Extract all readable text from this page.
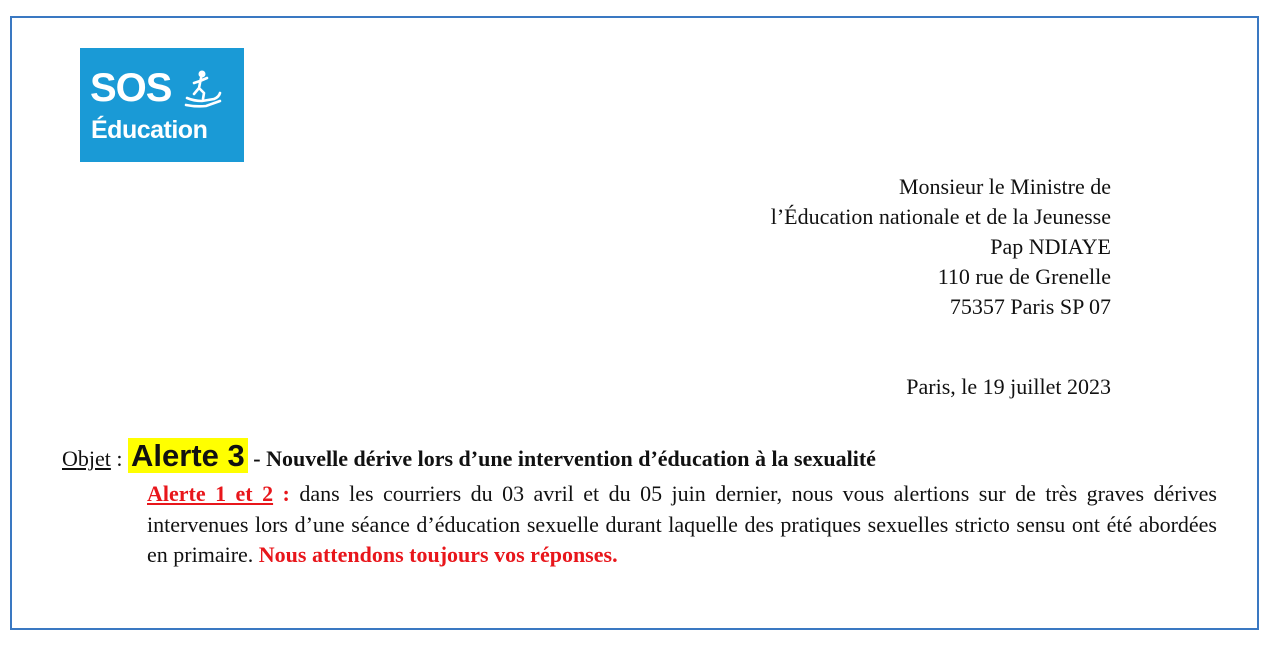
SOS
Éducation
Monsieur le Ministre de
l’Éducation nationale et de la Jeunesse
Pap NDIAYE
110 rue de Grenelle
75357 Paris SP 07
Paris, le 19 juillet 2023
Objet : Alerte 3 - Nouvelle dérive lors d’une intervention d’éducation à la sexualité
Alerte 1 et 2 : dans les courriers du 03 avril et du 05 juin dernier, nous vous alertions sur de très graves dérives intervenues lors d’une séance d’éducation sexuelle durant laquelle des pratiques sexuelles stricto sensu ont été abordées en primaire. Nous attendons toujours vos réponses.
